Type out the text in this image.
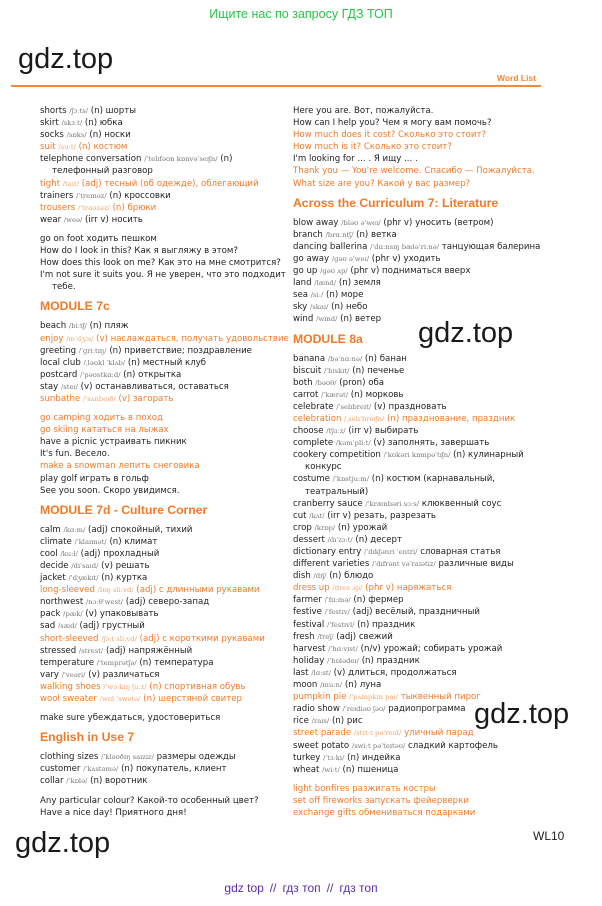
Ищите нас по запросу ГДЗ ТОП
gdz.top
gdz.top
gdz.top
gdz.top
Word List
shorts /ʃɔːts/ (n) шорты
skirt /skɜːt/ (n) юбка
socks /sɒks/ (n) носки
suit /suːt/ (n) костюм
telephone conversation /ˈtelɪfəʊn kɒnvəˈseɪʃn/ (n) телефонный разговор
tight /taɪt/ (adj) тесный (об одежде), облегающий
trainers /ˈtreɪnəz/ (n) кроссовки
trousers /ˈtraʊzəz/ (n) брюки
wear /weə/ (irr v) носить
go on foot ходить пешком
How do I look in this? Как я выгляжу в этом?
How does this look on me? Как это на мне смотрится?
I'm not sure it suits you. Я не уверен, что это подходит тебе.
MODULE 7c
beach /biːtʃ/ (n) пляж
enjoy /ɪnˈdʒɔɪ/ (v) наслаждаться, получать удовольствие
greeting /ˈɡriːtɪŋ/ (n) приветствие; поздравление
local club /ˌləʊkl ˈklʌb/ (n) местный клуб
postcard /ˈpəʊstkɑːd/ (n) открытка
stay /steɪ/ (v) останавливаться, оставаться
sunbathe /ˈsʌnbeɪð/ (v) загорать
go camping ходить в поход
go skiing кататься на лыжах
have a picnic устраивать пикник
It's fun. Весело.
make a snowman лепить снеговика
play golf играть в гольф
See you soon. Скоро увидимся.
MODULE 7d - Culture Corner
calm /kɑːm/ (adj) спокойный, тихий
climate /ˈklaɪmət/ (n) климат
cool /kuːl/ (adj) прохладный
decide /dɪˈsaɪd/ (v) решать
jacket /ˈdʒækɪt/ (n) куртка
long-sleeved /lɒŋ sliːvd/ (adj) с длинными рукавами
northwest /nɔːθˈwest/ (adj) северо-запад
pack /pæk/ (v) упаковывать
sad /sæd/ (adj) грустный
short-sleeved /ʃɔːt sliːvd/ (adj) с короткими рукавами
stressed /strest/ (adj) напряжённый
temperature /ˈtemprətʃə/ (n) температура
vary /ˈveəri/ (v) различаться
walking shoes /ˈwɔːkɪŋ ʃuːz/ (n) спортивная обувь
wool sweater /wʊl ˈswetə/ (n) шерстяной свитер
make sure убеждаться, удостовериться
English in Use 7
clothing sizes /ˈkləʊðɪŋ saɪzɪz/ размеры одежды
customer /ˈkʌstəmə/ (n) покупатель, клиент
collar /ˈkɒlə/ (n) воротник
Any particular colour? Какой-то особенный цвет?
Have a nice day! Приятного дня!
Here you are. Вот, пожалуйста.
How can I help you? Чем я могу вам помочь?
How much does it cost? Сколько это стоит?
How much is it? Сколько это стоит?
I'm looking for ... . Я ищу ... .
Thank you — You're welcome. Спасибо — Пожалуйста.
What size are you? Какой у вас размер?
Across the Curriculum 7: Literature
blow away /bləʊ əˈweɪ/ (phr v) уносить (ветром)
branch /brɑːntʃ/ (n) ветка
dancing ballerina /ˈdɑːnsɪŋ bæləˈriːnə/ танцующая балерина
go away /ɡəʊ əˈweɪ/ (phr v) уходить
go up /ɡəʊ ʌp/ (phr v) подниматься вверх
land /lænd/ (n) земля
sea /siː/ (n) море
sky /skaɪ/ (n) небо
wind /wɪnd/ (n) ветер
MODULE 8a
banana /bəˈnɑːnə/ (n) банан
biscuit /ˈbɪskɪt/ (n) печенье
both /bəʊθ/ (pron) оба
carrot /ˈkærət/ (n) морковь
celebrate /ˈselɪbreɪt/ (v) праздновать
celebration /ˌselɪˈbreɪʃn/ (n) празднование, праздник
choose /tʃuːz/ (irr v) выбирать
complete /kəmˈpliːt/ (v) заполнять, завершать
cookery competition /ˈkʊkəri kɒmpəˈtɪʃn/ (n) кулинарный конкурс
costume /ˈkɒstjuːm/ (n) костюм (карнавальный, театральный)
cranberry sauce /ˈkrænbəri sɔːs/ клюквенный соус
cut /kʌt/ (irr v) резать, разрезать
crop /krɒp/ (n) урожай
dessert /dɪˈzɜːt/ (n) десерт
dictionary entry /ˈdɪkʃənri ˈentri/ словарная статья
different varieties /ˈdɪfrənt vəˈraɪətiz/ различные виды
dish /dɪʃ/ (n) блюдо
dress up /dres ʌp/ (phr v) наряжаться
farmer /ˈfɑːmə/ (n) фермер
festive /ˈfestɪv/ (adj) весёлый, праздничный
festival /ˈfestɪvl/ (n) праздник
fresh /freʃ/ (adj) свежий
harvest /ˈhɑːvɪst/ (n/v) урожай; собирать урожай
holiday /ˈhɒlədeɪ/ (n) праздник
last /lɑːst/ (v) длиться, продолжаться
moon /muːn/ (n) луна
pumpkin pie /ˈpʌmpkɪn paɪ/ тыквенный пирог
radio show /ˈreɪdiəʊ ʃəʊ/ радиопрограмма
rice /raɪs/ (n) рис
street parade /striːt pəˈreɪd/ уличный парад
sweet potato /swiːt pəˈteɪtəʊ/ сладкий картофель
turkey /ˈtɜːki/ (n) индейка
wheat /wiːt/ (n) пшеница
light bonfires разжигать костры
set off fireworks запускать фейерверки
exchange gifts обмениваться подарками
WL10
gdz top // гдз топ // гдз топ
